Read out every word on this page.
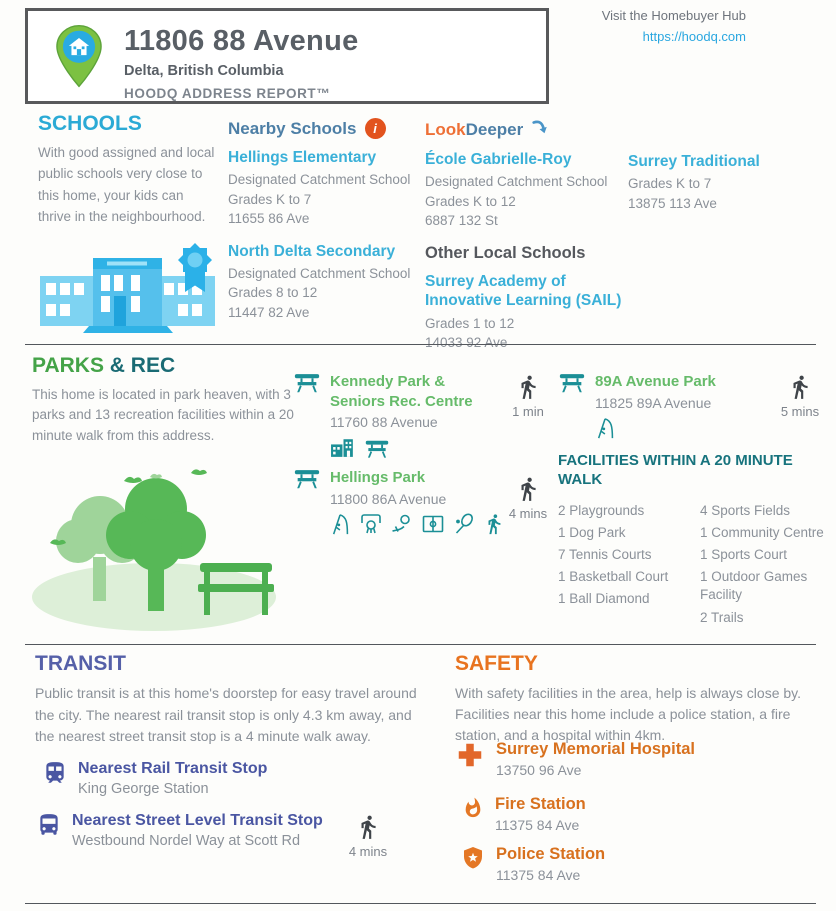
11806 88 Avenue
Delta, British Columbia
HOODQ ADDRESS REPORT™
Visit the Homebuyer Hub
https://hoodq.com
SCHOOLS
With good assigned and local public schools very close to this home, your kids can thrive in the neighbourhood.
Nearby Schools	i
Hellings Elementary
Designated Catchment School
Grades K to 7
11655 86 Ave
North Delta Secondary
Designated Catchment School
Grades 8 to 12
11447 82 Ave
LookDeeper
École Gabrielle-Roy
Designated Catchment School
Grades K to 12
6887 132 St
Other Local Schools
Surrey Academy of Innovative Learning (SAIL)
Grades 1 to 12
14033 92 Ave
Surrey Traditional
Grades K to 7
13875 113 Ave
PARKS & REC
This home is located in park heaven, with 3 parks and 13 recreation facilities within a 20 minute walk from this address.
Kennedy Park & Seniors Rec. Centre
11760 88 Avenue
1 min
Hellings Park
11800 86A Avenue
4 mins
89A Avenue Park
11825 89A Avenue
5 mins
FACILITIES WITHIN A 20 MINUTE WALK
2 Playgrounds
1 Dog Park
7 Tennis Courts
1 Basketball Court
1 Ball Diamond
4 Sports Fields
1 Community Centre
1 Sports Court
1 Outdoor Games Facility
2 Trails
TRANSIT
Public transit is at this home's doorstep for easy travel around the city. The nearest rail transit stop is only 4.3 km away, and the nearest street transit stop is a 4 minute walk away.
Nearest Rail Transit Stop
King George Station
Nearest Street Level Transit Stop
Westbound Nordel Way at Scott Rd
4 mins
SAFETY
With safety facilities in the area, help is always close by. Facilities near this home include a police station, a fire station, and a hospital within 4km.
Surrey Memorial Hospital
13750 96 Ave
Fire Station
11375 84 Ave
Police Station
11375 84 Ave
